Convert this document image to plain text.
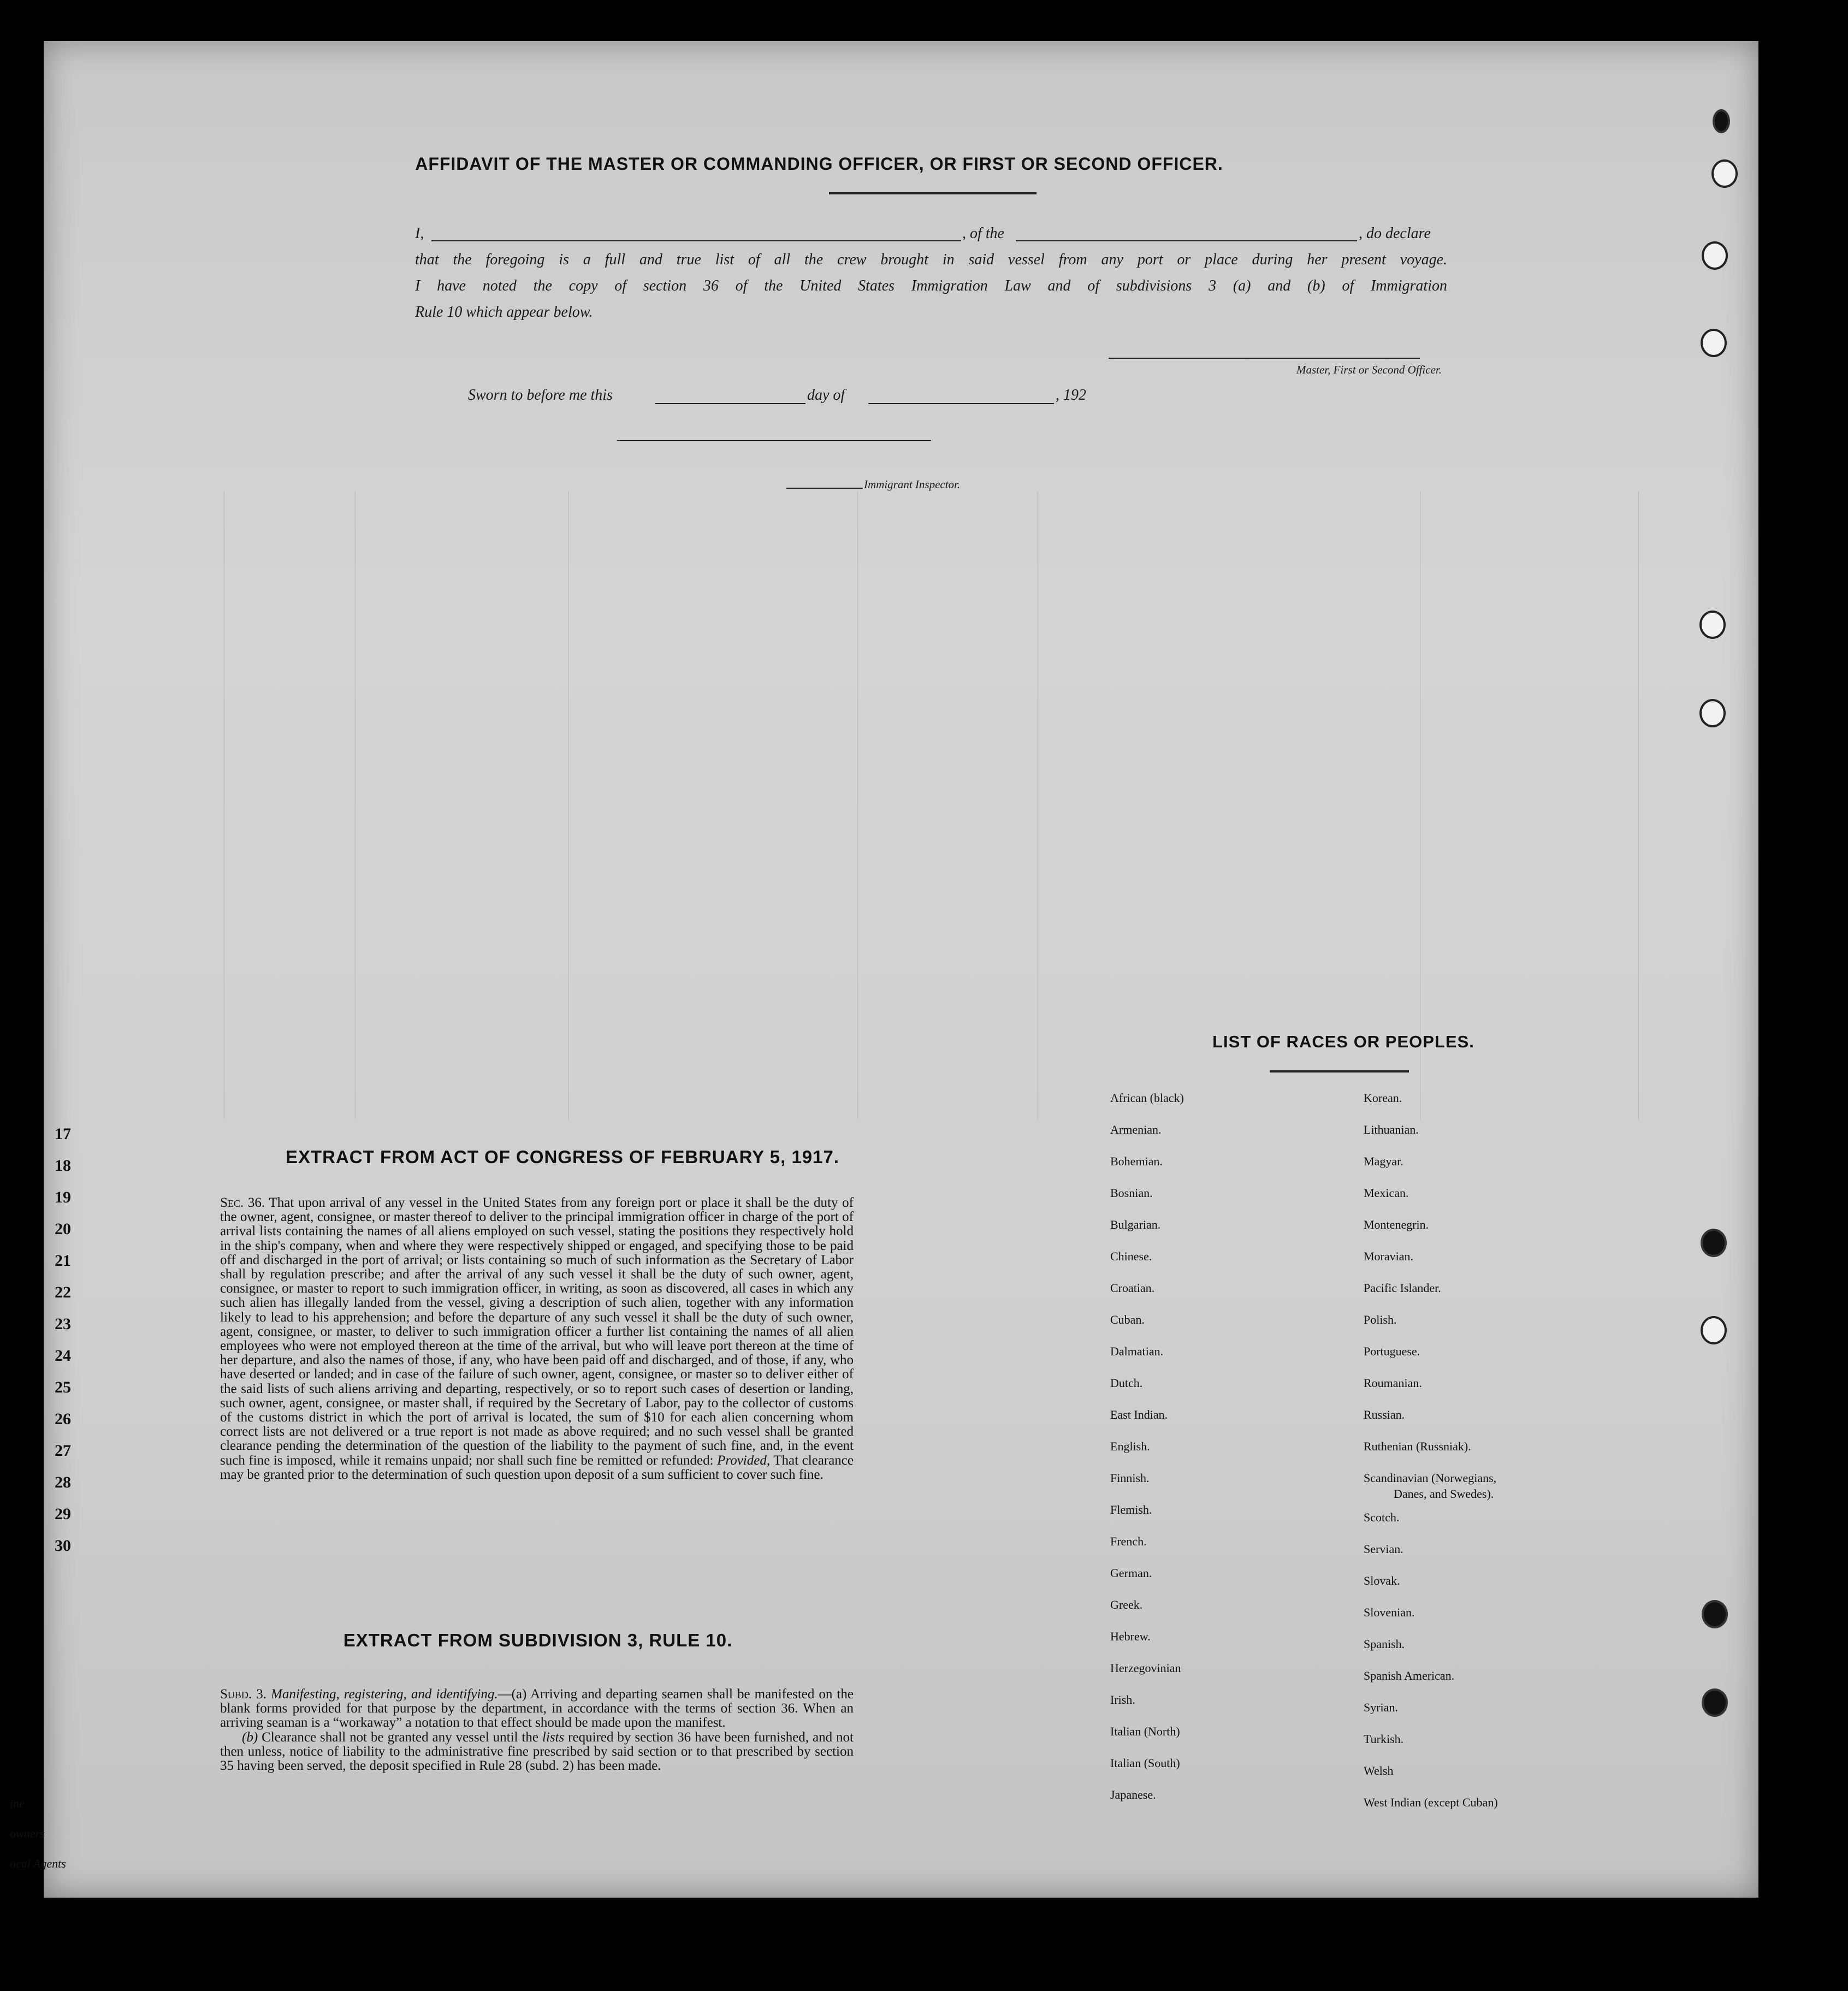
17
18
19
20
21
22
23
24
25
26
27
28
29
30
ine
owners
ocal Agents
AFFIDAVIT OF THE MASTER OR COMMANDING OFFICER, OR FIRST OR SECOND OFFICER.
I,	, of the	, do declare
that the foregoing is a full and true list of all the crew brought in said vessel from any port or place during her present voyage.
I have noted the copy of section 36 of the United States Immigration Law and of subdivisions 3 (a) and (b) of Immigration
Rule 10 which appear below.
Master, First or Second Officer.
Sworn to before me this	day of	, 192
Immigrant Inspector.
EXTRACT FROM ACT OF CONGRESS OF FEBRUARY 5, 1917.
Sec. 36. That upon arrival of any vessel in the United States from any foreign port or place it shall be the duty of the owner, agent, consignee, or master thereof to deliver to the principal immigration officer in charge of the port of arrival lists containing the names of all aliens employed on such vessel, stating the positions they respectively hold in the ship's company, when and where they were respectively shipped or engaged, and specifying those to be paid off and discharged in the port of arrival; or lists containing so much of such information as the Secretary of Labor shall by regulation prescribe; and after the arrival of any such vessel it shall be the duty of such owner, agent, consignee, or master to report to such immigration officer, in writing, as soon as discovered, all cases in which any such alien has illegally landed from the vessel, giving a description of such alien, together with any information likely to lead to his apprehension; and before the departure of any such vessel it shall be the duty of such owner, agent, consignee, or master, to deliver to such immigration officer a further list containing the names of all alien employees who were not employed thereon at the time of the arrival, but who will leave port thereon at the time of her departure, and also the names of those, if any, who have been paid off and discharged, and of those, if any, who have deserted or landed; and in case of the failure of such owner, agent, consignee, or master so to deliver either of the said lists of such aliens arriving and departing, respectively, or so to report such cases of desertion or landing, such owner, agent, consignee, or master shall, if required by the Secretary of Labor, pay to the collector of customs of the customs district in which the port of arrival is located, the sum of $10 for each alien concerning whom correct lists are not delivered or a true report is not made as above required; and no such vessel shall be granted clearance pending the determination of the question of the liability to the payment of such fine, and, in the event such fine is imposed, while it remains unpaid; nor shall such fine be remitted or refunded: Provided, That clearance may be granted prior to the determination of such question upon deposit of a sum sufficient to cover such fine.
EXTRACT FROM SUBDIVISION 3, RULE 10.
Subd. 3. Manifesting, registering, and identifying.—(a) Arriving and departing seamen shall be manifested on the blank forms provided for that purpose by the department, in accordance with the terms of section 36. When an arriving seaman is a “workaway” a notation to that effect should be made upon the manifest.
(b) Clearance shall not be granted any vessel until the lists required by section 36 have been furnished, and not then unless, notice of liability to the administrative fine prescribed by said section or to that prescribed by section 35 having been served, the deposit specified in Rule 28 (subd. 2) has been made.
LIST OF RACES OR PEOPLES.
African (black)
Armenian.
Bohemian.
Bosnian.
Bulgarian.
Chinese.
Croatian.
Cuban.
Dalmatian.
Dutch.
East Indian.
English.
Finnish.
Flemish.
French.
German.
Greek.
Hebrew.
Herzegovinian
Irish.
Italian (North)
Italian (South)
Japanese.
Korean.
Lithuanian.
Magyar.
Mexican.
Montenegrin.
Moravian.
Pacific Islander.
Polish.
Portuguese.
Roumanian.
Russian.
Ruthenian (Russniak).
Scandinavian (Norwegians,
Danes, and Swedes).
Scotch.
Servian.
Slovak.
Slovenian.
Spanish.
Spanish American.
Syrian.
Turkish.
Welsh
West Indian (except Cuban)
